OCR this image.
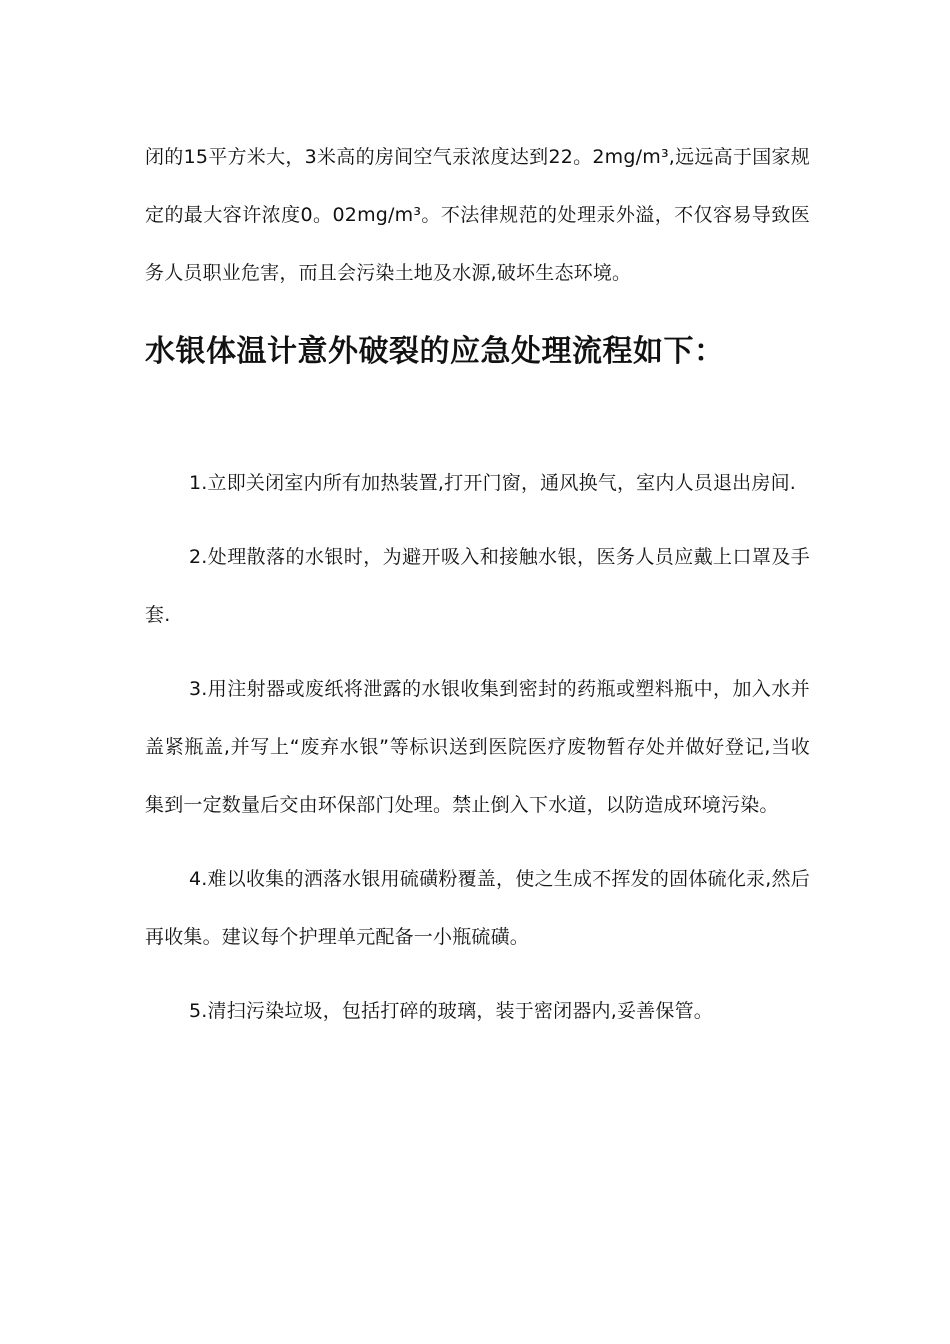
闭的15平方米大，3米高的房间空气汞浓度达到22。2mg/m³,远远高于国家规定的最大容许浓度0。02mg/m³。不法律规范的处理汞外溢，不仅容易导致医务人员职业危害，而且会污染土地及水源,破坏生态环境。

水银体温计意外破裂的应急处理流程如下：

1.立即关闭室内所有加热装置,打开门窗，通风换气，室内人员退出房间.

2.处理散落的水银时，为避开吸入和接触水银，医务人员应戴上口罩及手套.

3.用注射器或废纸将泄露的水银收集到密封的药瓶或塑料瓶中，加入水并盖紧瓶盖,并写上“废弃水银”等标识送到医院医疗废物暂存处并做好登记,当收集到一定数量后交由环保部门处理。禁止倒入下水道，以防造成环境污染。

4.难以收集的洒落水银用硫磺粉覆盖，使之生成不挥发的固体硫化汞,然后再收集。建议每个护理单元配备一小瓶硫磺。

5.清扫污染垃圾，包括打碎的玻璃，装于密闭器内,妥善保管。
